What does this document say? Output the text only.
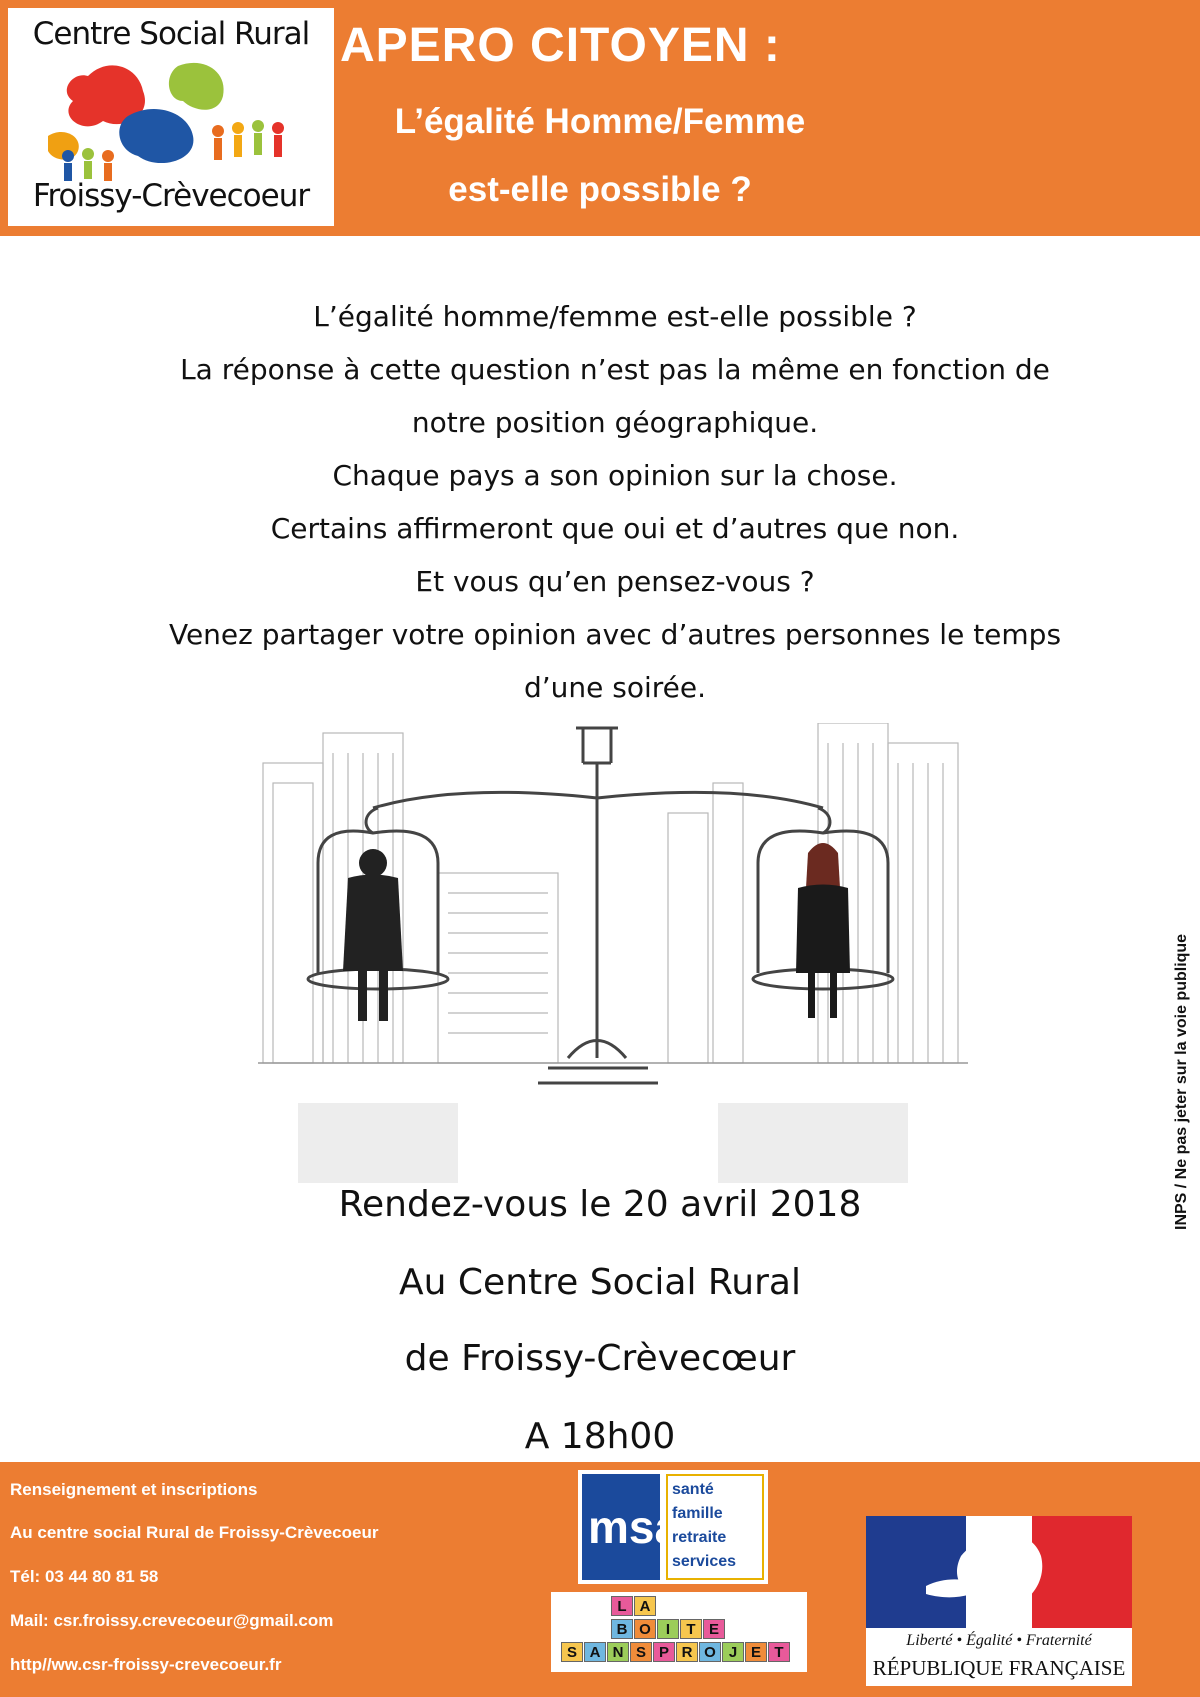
Centre Social Rural
Froissy-Crèvecoeur
APERO CITOYEN :
L’égalité Homme/Femme
est-elle possible ?
L’égalité homme/femme est-elle possible ?
La réponse à cette question n’est pas la même en fonction de
notre position géographique.
Chaque pays a son opinion sur la chose.
Certains affirmeront que oui et d’autres que non.
Et vous qu’en pensez-vous ?
Venez partager votre opinion avec d’autres personnes le temps
d’une soirée.
Rendez-vous le 20 avril 2018
Au Centre Social Rural
de Froissy-Crèvecœur
A 18h00
INPS / Ne pas jeter sur la voie publique
Renseignement et inscriptions
Au centre social Rural de Froissy-Crèvecoeur
Tél: 03 44 80 81 58
Mail: csr.froissy.crevecoeur@gmail.com
http//ww.csr-froissy-crevecoeur.fr
msa
santé
famille
retraite
services
L A
B O	I	T E
S A N S P R O J E T
Liberté • Égalité • Fraternité
RÉPUBLIQUE FRANÇAISE
